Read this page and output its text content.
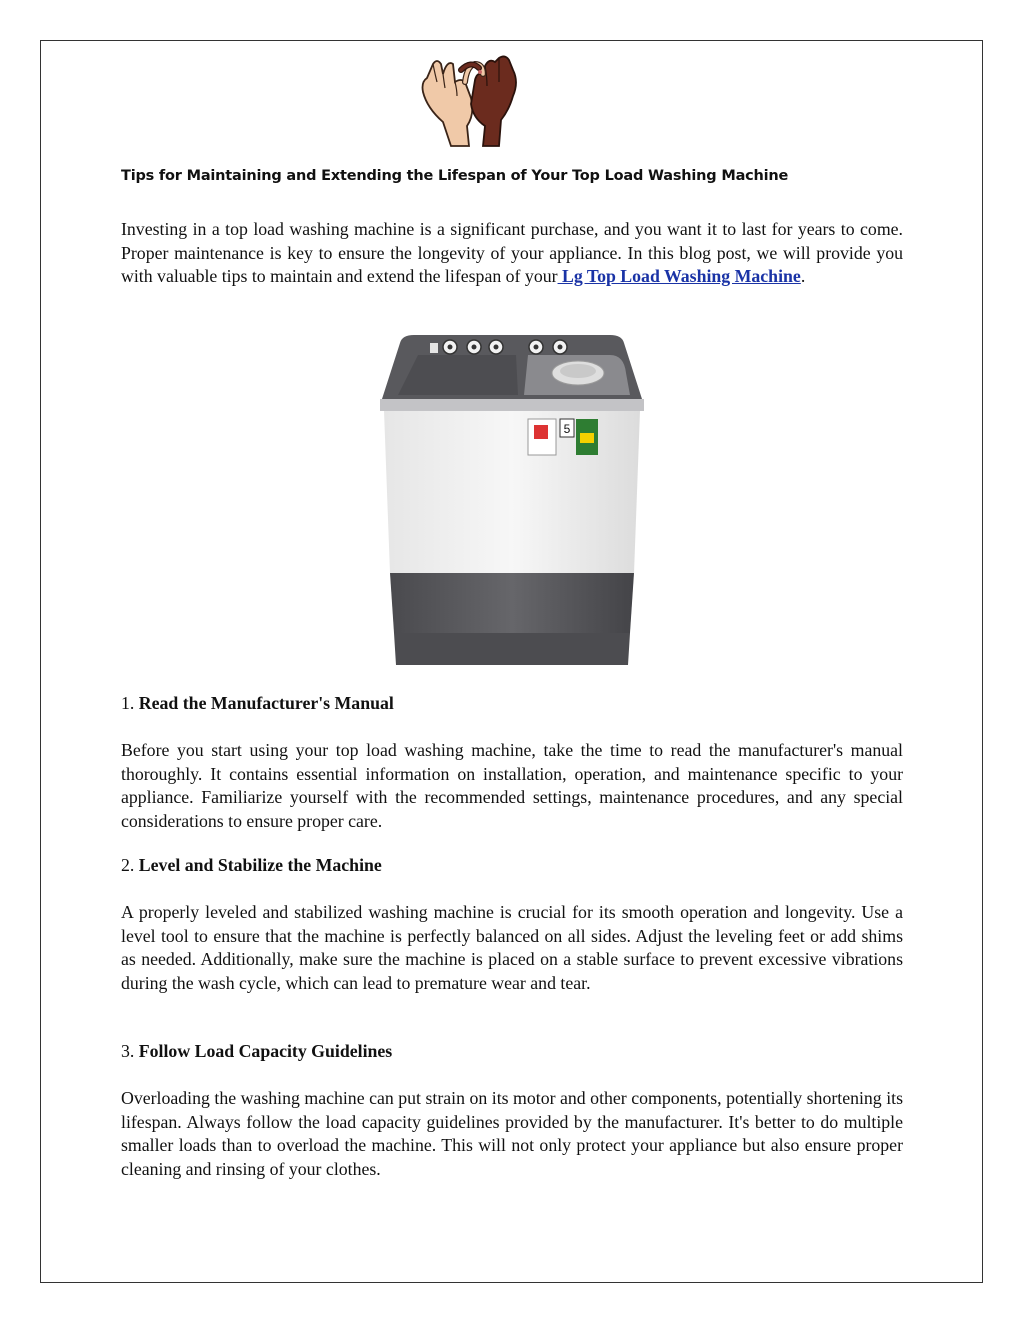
Tips for Maintaining and Extending the Lifespan of Your Top Load Washing Machine

Investing in a top load washing machine is a significant purchase, and you want it to last for years to come. Proper maintenance is key to ensure the longevity of your appliance. In this blog post, we will provide you with valuable tips to maintain and extend the lifespan of your Lg Top Load Washing Machine.

5

1. Read the Manufacturer's Manual

Before you start using your top load washing machine, take the time to read the manufacturer's manual thoroughly. It contains essential information on installation, operation, and maintenance specific to your appliance. Familiarize yourself with the recommended settings, maintenance procedures, and any special considerations to ensure proper care.

2. Level and Stabilize the Machine

A properly leveled and stabilized washing machine is crucial for its smooth operation and longevity. Use a level tool to ensure that the machine is perfectly balanced on all sides. Adjust the leveling feet or add shims as needed. Additionally, make sure the machine is placed on a stable surface to prevent excessive vibrations during the wash cycle, which can lead to premature wear and tear.

3. Follow Load Capacity Guidelines

Overloading the washing machine can put strain on its motor and other components, potentially shortening its lifespan. Always follow the load capacity guidelines provided by the manufacturer. It's better to do multiple smaller loads than to overload the machine. This will not only protect your appliance but also ensure proper cleaning and rinsing of your clothes.
